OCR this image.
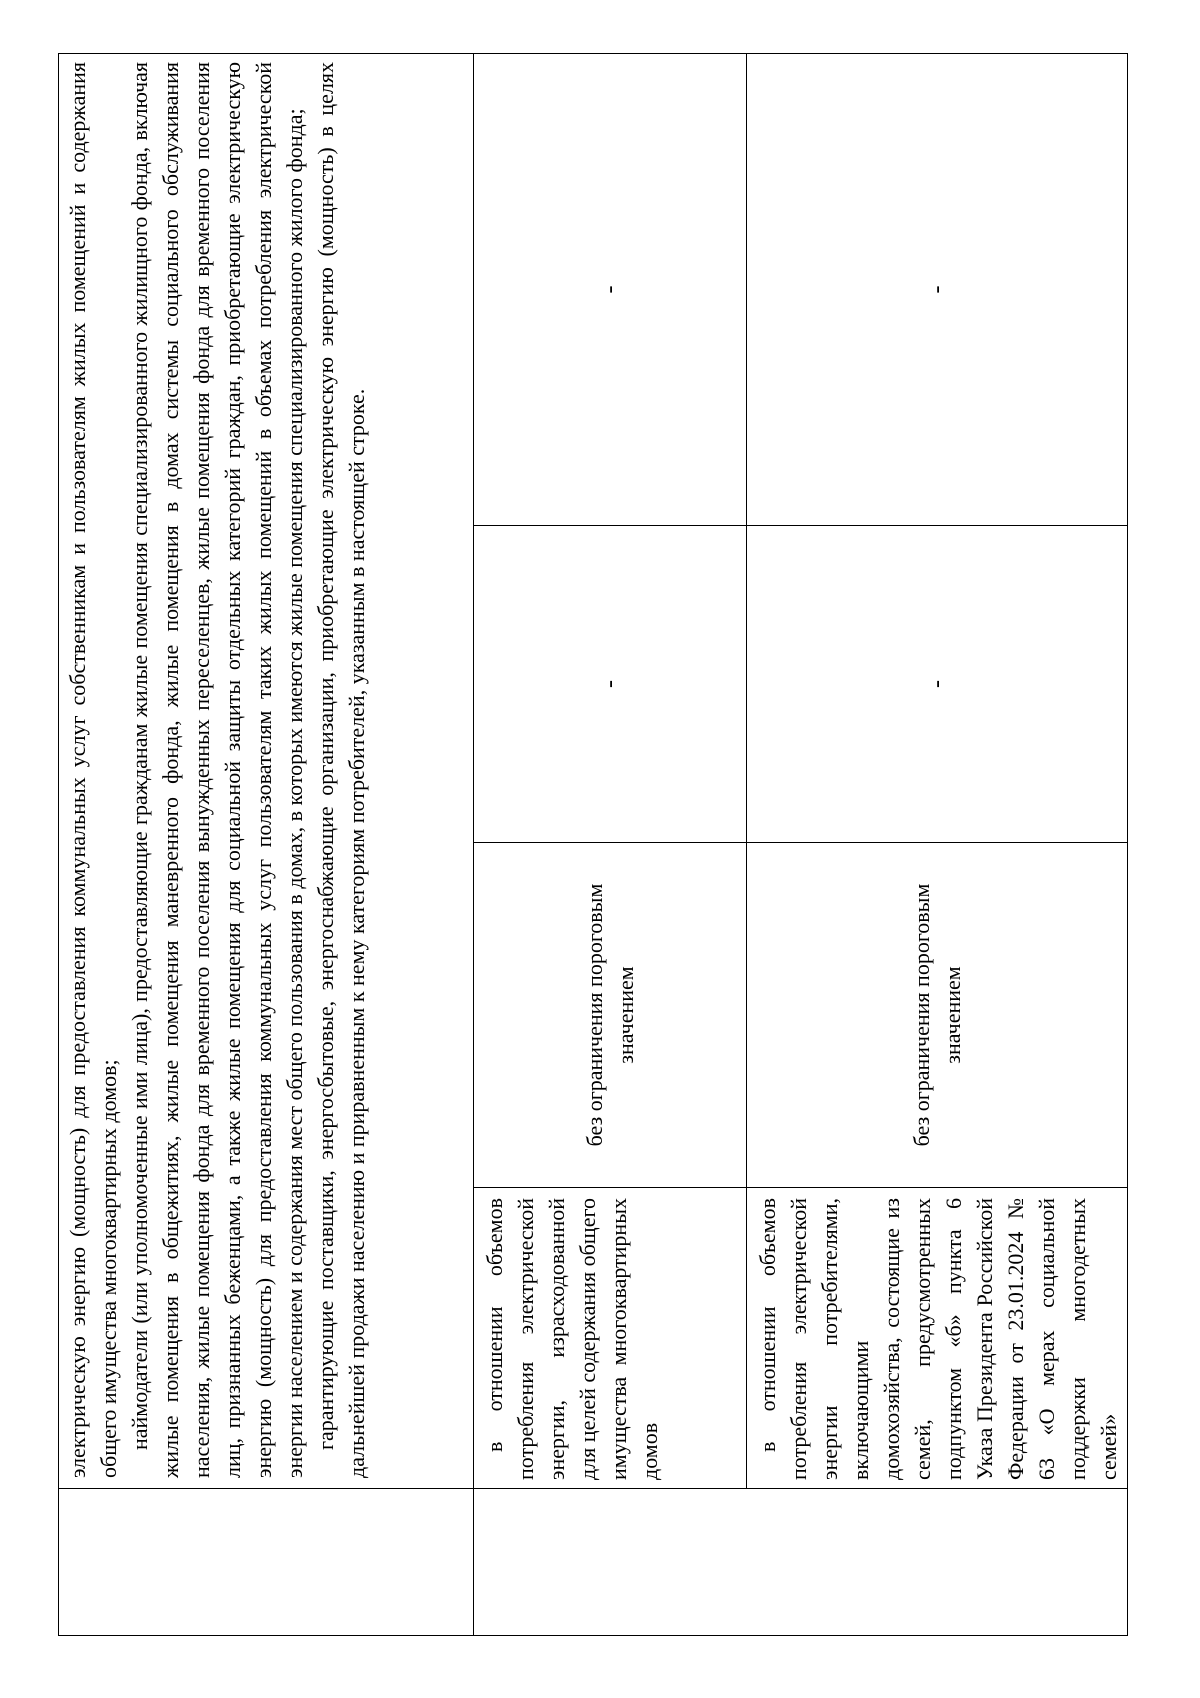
	электрическую энергию (мощность) для предоставления коммунальных услуг собственникам и пользователям жилых помещений и содержания общего имущества многоквартирных домов; наймодатели (или уполномоченные ими лица), предоставляющие гражданам жилые помещения специализированного жилищного фонда, включая жилые помещения в общежитиях, жилые помещения маневренного фонда, жилые помещения в домах системы социального обслуживания населения, жилые помещения фонда для временного поселения вынужденных переселенцев, жилые помещения фонда для временного поселения лиц, признанных беженцами, а также жилые помещения для социальной защиты отдельных категорий граждан, приобретающие электрическую энергию (мощность) для предоставления коммунальных услуг пользователям таких жилых помещений в объемах потребления электрической энергии населением и содержания мест общего пользования в домах, в которых имеются жилые помещения специализированного жилого фонда; гарантирующие поставщики, энергосбытовые, энергоснабжающие организации, приобретающие электрическую энергию (мощность) в целях дальнейшей продажи населению и приравненным к нему категориям потребителей, указанным в настоящей строке.			

	в отношении объемов потребления электрической энергии, израсходованной для целей содержания общего имущества многоквартирных домов	без ограничения пороговым значением	-	-

	в отношении объемов потребления электрической энергии потребителями, включающими домохозяйства, состоящие из семей, предусмотренных подпунктом «б» пункта 6 Указа Президента Российской Федерации от 23.01.2024 № 63 «О мерах социальной поддержки многодетных семей»	без ограничения пороговым значением	-	-
